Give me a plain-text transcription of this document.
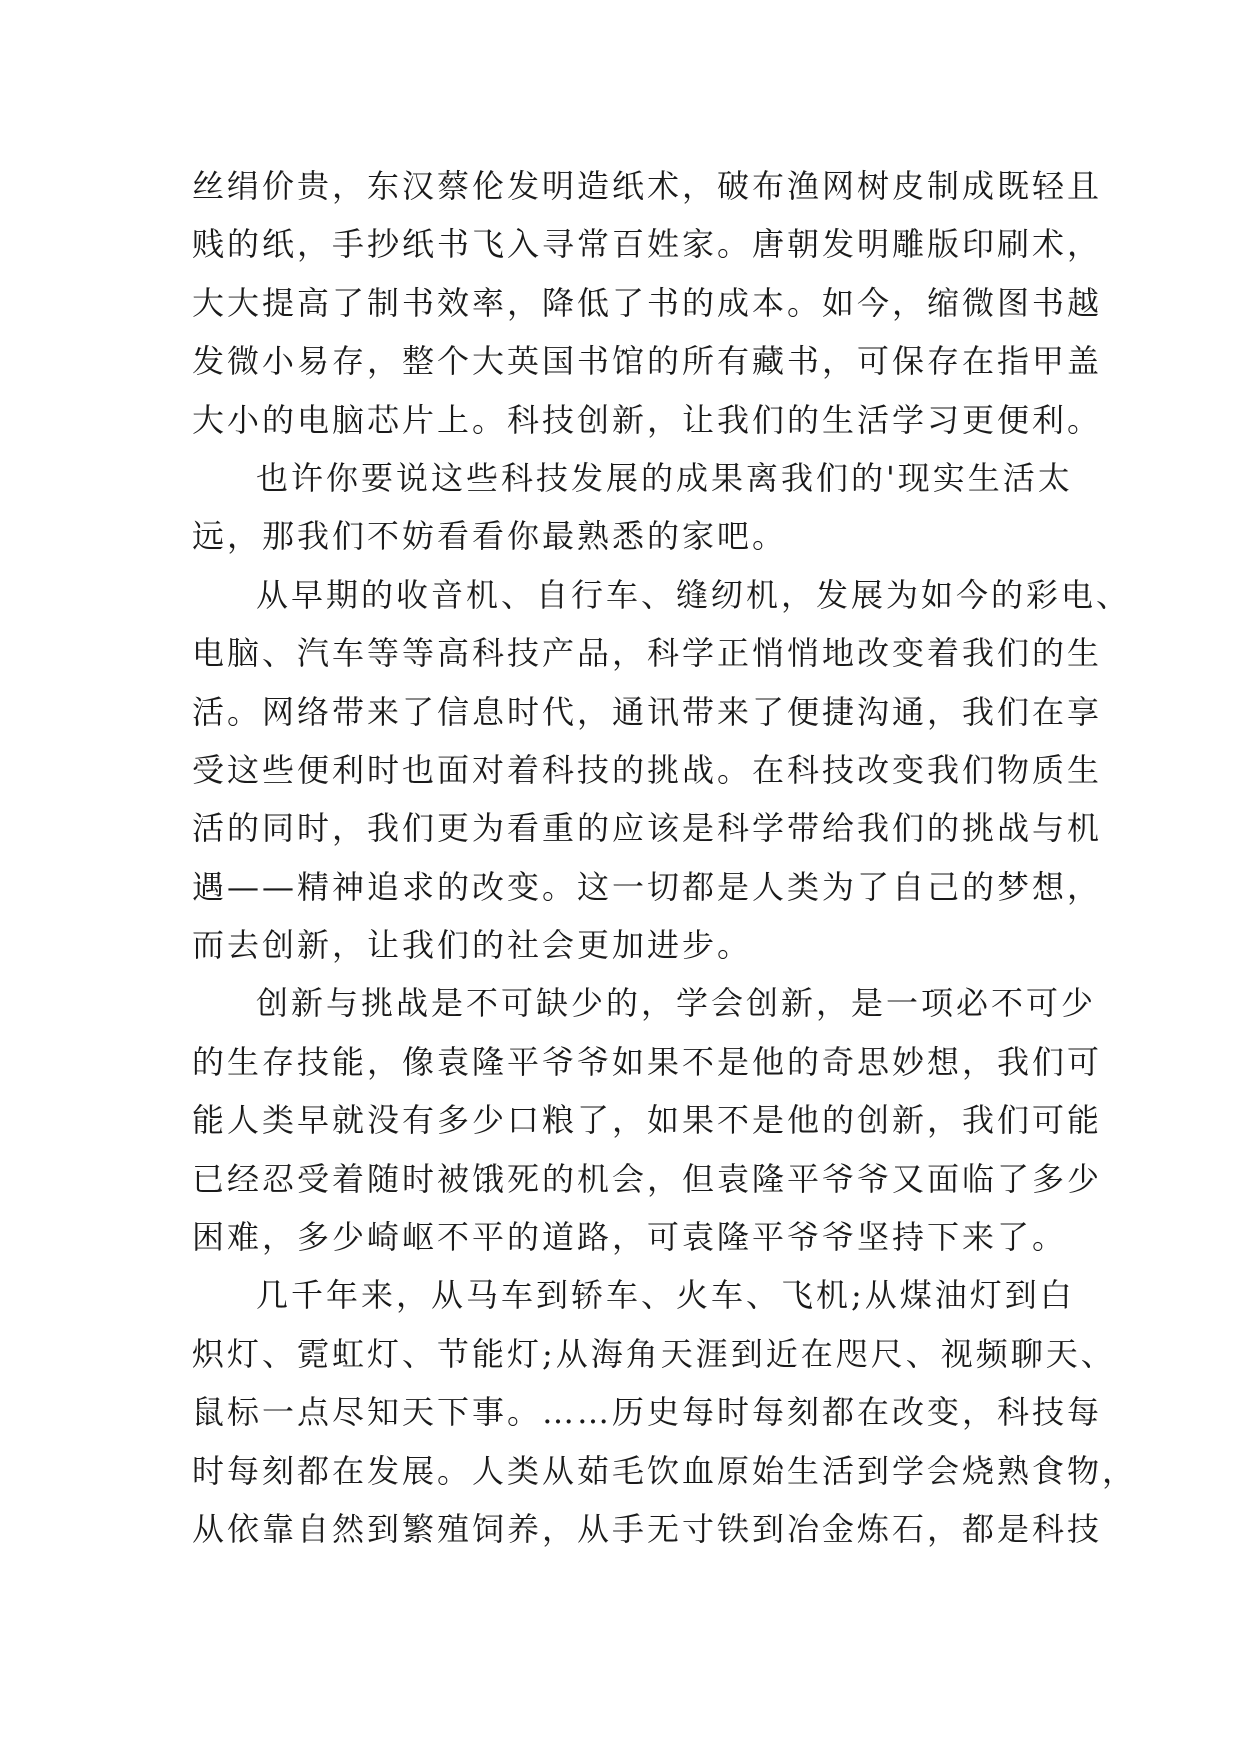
丝绢价贵，东汉蔡伦发明造纸术，破布渔网树皮制成既轻且
贱的纸，手抄纸书飞入寻常百姓家。唐朝发明雕版印刷术，
大大提高了制书效率，降低了书的成本。如今，缩微图书越
发微小易存，整个大英国书馆的所有藏书，可保存在指甲盖
大小的电脑芯片上。科技创新，让我们的生活学习更便利。
也许你要说这些科技发展的成果离我们的'现实生活太
远，那我们不妨看看你最熟悉的家吧。
从早期的收音机、自行车、缝纫机，发展为如今的彩电、
电脑、汽车等等高科技产品，科学正悄悄地改变着我们的生
活。网络带来了信息时代，通讯带来了便捷沟通，我们在享
受这些便利时也面对着科技的挑战。在科技改变我们物质生
活的同时，我们更为看重的应该是科学带给我们的挑战与机
遇——精神追求的改变。这一切都是人类为了自己的梦想，
而去创新，让我们的社会更加进步。
创新与挑战是不可缺少的，学会创新，是一项必不可少
的生存技能，像袁隆平爷爷如果不是他的奇思妙想，我们可
能人类早就没有多少口粮了，如果不是他的创新，我们可能
已经忍受着随时被饿死的机会，但袁隆平爷爷又面临了多少
困难，多少崎岖不平的道路，可袁隆平爷爷坚持下来了。
几千年来，从马车到轿车、火车、飞机;从煤油灯到白
炽灯、霓虹灯、节能灯;从海角天涯到近在咫尺、视频聊天、
鼠标一点尽知天下事。……历史每时每刻都在改变，科技每
时每刻都在发展。人类从茹毛饮血原始生活到学会烧熟食物，
从依靠自然到繁殖饲养，从手无寸铁到冶金炼石，都是科技
